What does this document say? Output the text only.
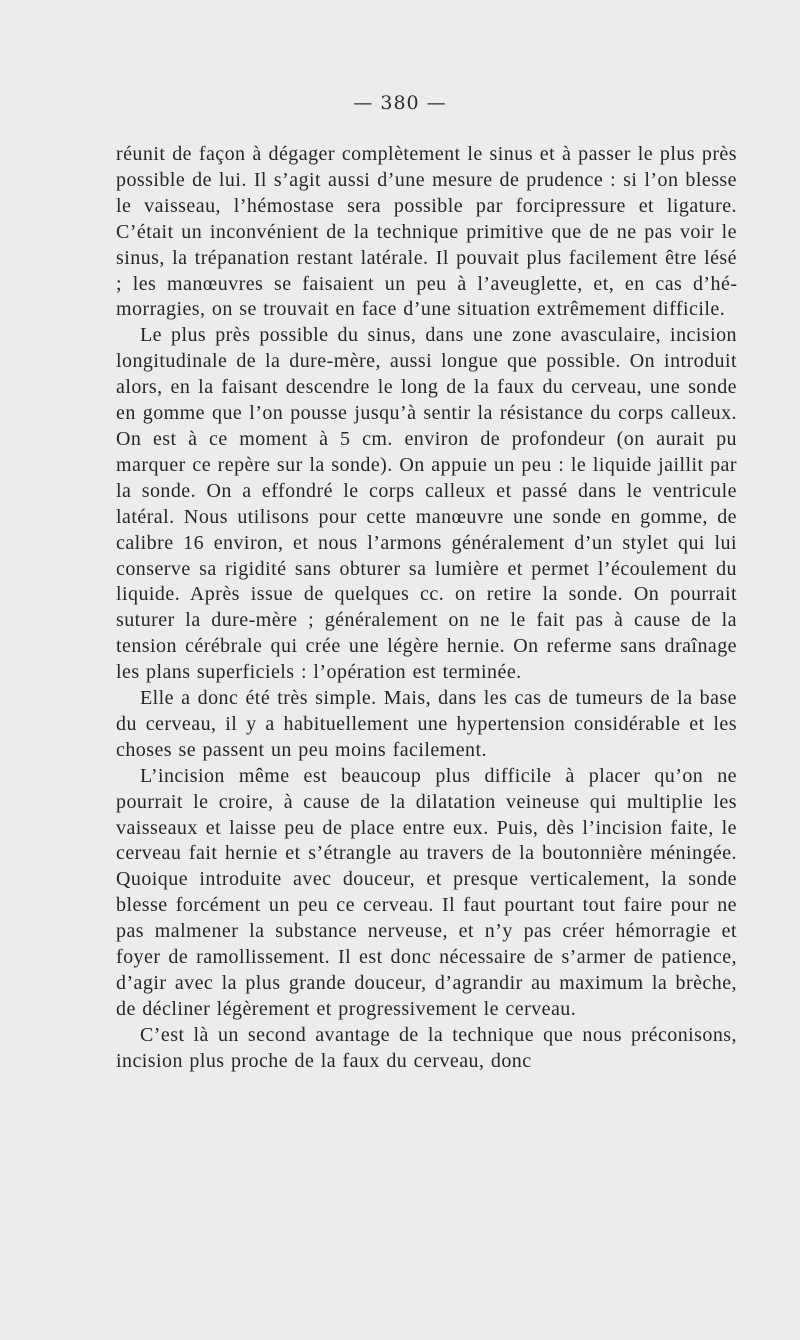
— 380 —

réunit de façon à dégager complètement le sinus et à passer le plus près possible de lui. Il s’agit aussi d’une mesure de prudence : si l’on blesse le vaisseau, l’hémostase sera possible par forcipressure et ligature. C’était un inconvénient de la technique primitive que de ne pas voir le sinus, la trépanation restant latérale. Il pouvait plus facilement être lésé ; les manœuvres se faisaient un peu à l’aveuglette, et, en cas d’hémorragies, on se trouvait en face d’une situation extrêmement difficile.

Le plus près possible du sinus, dans une zone avasculaire, incision longitudinale de la dure-mère, aussi longue que possible. On introduit alors, en la faisant descendre le long de la faux du cerveau, une sonde en gomme que l’on pousse jusqu’à sentir la résistance du corps calleux. On est à ce moment à 5 cm. environ de profondeur (on aurait pu marquer ce repère sur la sonde). On appuie un peu : le liquide jaillit par la sonde. On a effondré le corps calleux et passé dans le ventricule latéral. Nous utilisons pour cette manœuvre une sonde en gomme, de calibre 16 environ, et nous l’armons généralement d’un stylet qui lui conserve sa rigidité sans obturer sa lumière et permet l’écoulement du liquide. Après issue de quelques cc. on retire la sonde. On pourrait suturer la dure-mère ; généralement on ne le fait pas à cause de la tension cérébrale qui crée une légère hernie. On referme sans draînage les plans superficiels : l’opération est terminée.

Elle a donc été très simple. Mais, dans les cas de tumeurs de la base du cerveau, il y a habituellement une hypertension considérable et les choses se passent un peu moins facilement.

L’incision même est beaucoup plus difficile à placer qu’on ne pourrait le croire, à cause de la dilatation veineuse qui multiplie les vaisseaux et laisse peu de place entre eux. Puis, dès l’incision faite, le cerveau fait hernie et s’étrangle au travers de la boutonnière méningée. Quoique introduite avec douceur, et presque verticalement, la sonde blesse forcément un peu ce cerveau. Il faut pourtant tout faire pour ne pas malmener la substance nerveuse, et n’y pas créer hémorragie et foyer de ramollissement. Il est donc nécessaire de s’armer de patience, d’agir avec la plus grande douceur, d’agrandir au maximum la brèche, de décliner légèrement et progressivement le cerveau.

C’est là un second avantage de la technique que nous préconisons, incision plus proche de la faux du cerveau, donc
